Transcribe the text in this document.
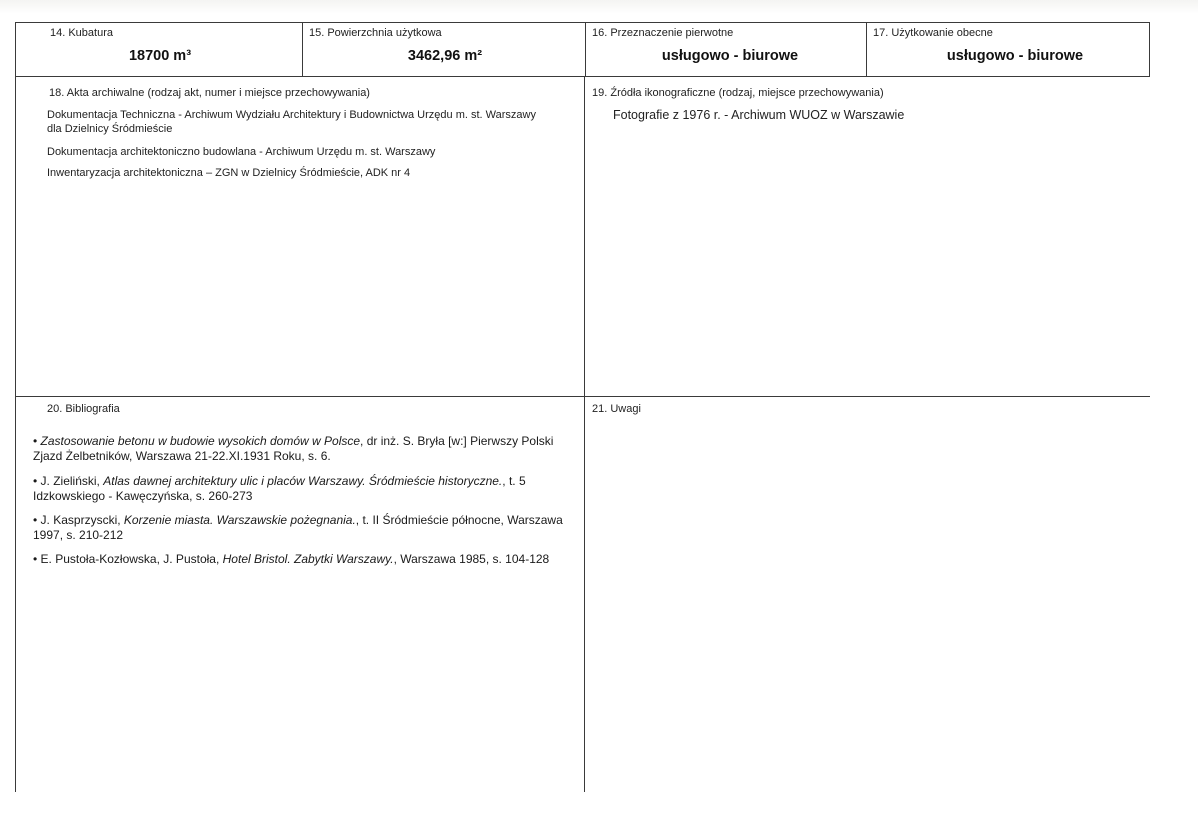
14. Kubatura
18700 m³
15. Powierzchnia użytkowa
3462,96 m²
16. Przeznaczenie pierwotne
usługowo - biurowe
17. Użytkowanie obecne
usługowo - biurowe
18. Akta archiwalne (rodzaj akt, numer i miejsce przechowywania)
Dokumentacja Techniczna - Archiwum Wydziału Architektury i Budownictwa Urzędu m. st. Warszawy dla Dzielnicy Śródmieście
Dokumentacja architektoniczno budowlana - Archiwum Urzędu m. st. Warszawy
Inwentaryzacja architektoniczna – ZGN w Dzielnicy Śródmieście, ADK nr 4
19. Źródła ikonograficzne (rodzaj, miejsce przechowywania)
Fotografie z 1976 r. - Archiwum WUOZ w Warszawie
20. Bibliografia
• Zastosowanie betonu w budowie wysokich domów w Polsce, dr inż. S. Bryła [w:] Pierwszy Polski Zjazd Żelbetników, Warszawa 21-22.XI.1931 Roku, s. 6.
• J. Zieliński, Atlas dawnej architektury ulic i placów Warszawy. Śródmieście historyczne., t. 5 Idzkowskiego - Kawęczyńska, s. 260-273
• J. Kasprzyscki, Korzenie miasta. Warszawskie pożegnania., t. II Śródmieście północne, Warszawa 1997, s. 210-212
• E. Pustoła-Kozłowska, J. Pustoła, Hotel Bristol. Zabytki Warszawy., Warszawa 1985, s. 104-128
21. Uwagi
